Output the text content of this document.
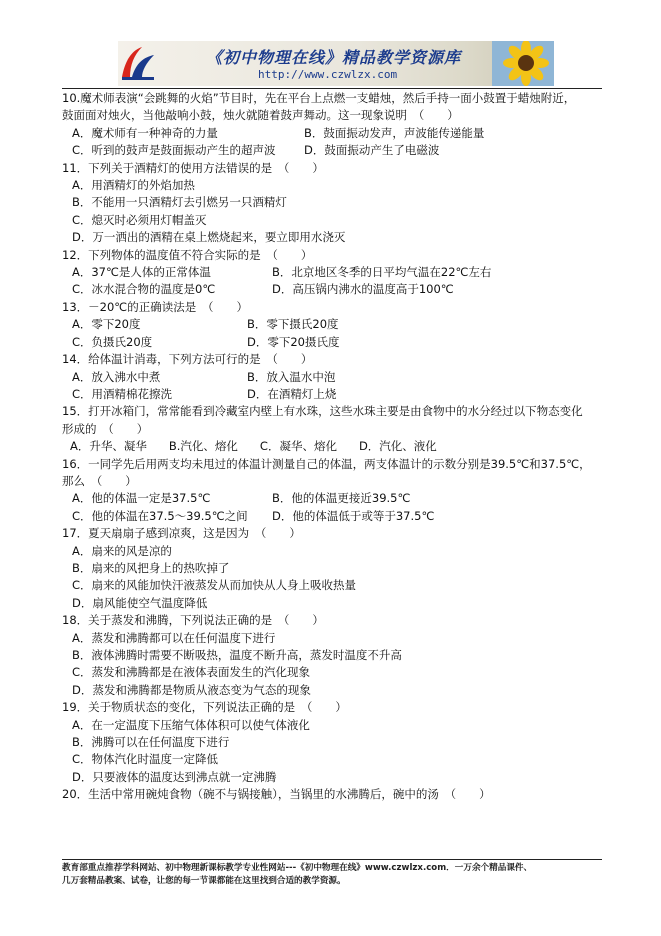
《初中物理在线》精品教学资源库
http://www.czwlzx.com
10.魔术师表演“会跳舞的火焰”节目时，先在平台上点燃一支蜡烛，然后手持一面小鼓置于蜡烛附近，
鼓面面对烛火，当他敲响小鼓，烛火就随着鼓声舞动。这一现象说明　（　　）
A．魔术师有一种神奇的力量	B．鼓面振动发声，声波能传递能量
C．听到的鼓声是鼓面振动产生的超声波	D．鼓面振动产生了电磁波
11．下列关于酒精灯的使用方法错误的是　（　　）
A．用酒精灯的外焰加热
B．不能用一只酒精灯去引燃另一只酒精灯
C．熄灭时必须用灯帽盖灭
D．万一洒出的酒精在桌上燃烧起来，要立即用水浇灭
12．下列物体的温度值不符合实际的是　（　　）
A．37℃是人体的正常体温	B．北京地区冬季的日平均气温在22℃左右
C．冰水混合物的温度是0℃	D．高压锅内沸水的温度高于100℃
13．－20℃的正确读法是　（　　）
A．零下20度	B．零下摄氏20度
C．负摄氏20度	D．零下20摄氏度
14．给体温计消毒，下列方法可行的是　（　　）
A．放入沸水中煮	B．放入温水中泡
C．用酒精棉花擦洗	D．在酒精灯上烧
15．打开冰箱门，常常能看到冷藏室内壁上有水珠，这些水珠主要是由食物中的水分经过以下物态变化
形成的　（　　）
A．升华、凝华 B.汽化、熔化 C．凝华、熔化 D．汽化、液化
16．一同学先后用两支均未甩过的体温计测量自己的体温，两支体温计的示数分别是39.5℃和37.5℃，
那么　（　　）
A．他的体温一定是37.5℃	B．他的体温更接近39.5℃
C．他的体温在37.5～39.5℃之间	D．他的体温低于或等于37.5℃
17．夏天扇扇子感到凉爽，这是因为　（　　）
A．扇来的风是凉的
B．扇来的风把身上的热吹掉了
C．扇来的风能加快汗液蒸发从而加快从人身上吸收热量
D．扇风能使空气温度降低
18．关于蒸发和沸腾，下列说法正确的是　（　　）
A．蒸发和沸腾都可以在任何温度下进行
B．液体沸腾时需要不断吸热，温度不断升高，蒸发时温度不升高
C．蒸发和沸腾都是在液体表面发生的汽化现象
D．蒸发和沸腾都是物质从液态变为气态的现象
19．关于物质状态的变化，下列说法正确的是　（　　）
A．在一定温度下压缩气体体积可以使气体液化
B．沸腾可以在任何温度下进行
C．物体汽化时温度一定降低
D．只要液体的温度达到沸点就一定沸腾
20．生活中常用碗炖食物（碗不与锅接触），当锅里的水沸腾后，碗中的汤　（　　）
教育部重点推荐学科网站、初中物理新课标教学专业性网站---《初中物理在线》www.czwlzx.com．一万余个精品课件、
几万套精品教案、试卷，让您的每一节课都能在这里找到合适的教学资源。
